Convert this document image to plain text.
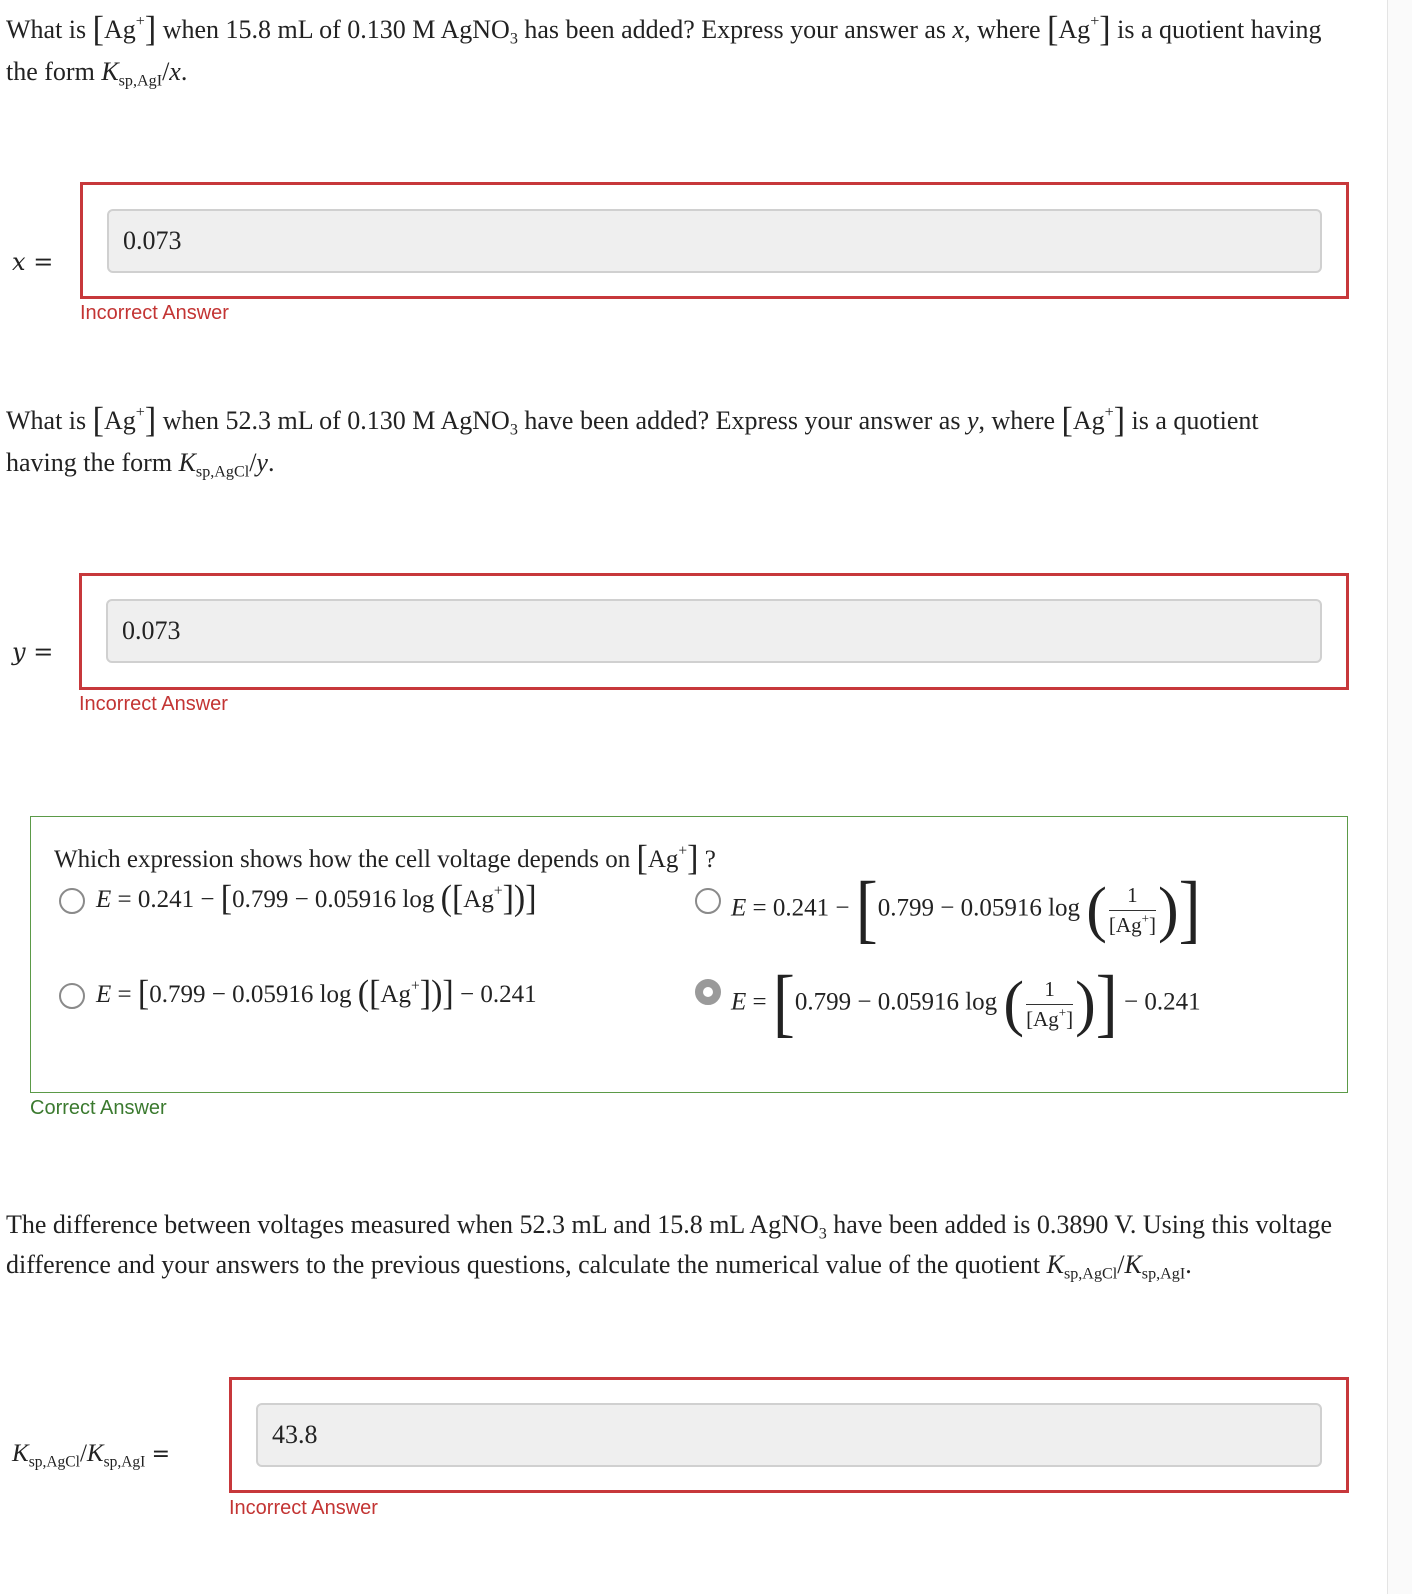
What is [Ag+] when 15.8 mL of 0.130 M AgNO$_3$ has been added? Express your answer as x, where [Ag+] is a quotient having
the form $K_{sp,AgI}/x$.
x =
0.073
Incorrect Answer
What is [Ag+] when 52.3 mL of 0.130 M AgNO$_3$ have been added? Express your answer as y, where [Ag+] is a quotient
having the form $K_{sp,AgCl}/y$.
y =
0.073
Incorrect Answer
Which expression shows how the cell voltage depends on [Ag+] ?
E = 0.241 − [0.799 − 0.05916 log ([Ag+])]	E = 0.241 − [0.799 − 0.05916 log ( $\frac{1}{[Ag^+]}$ )]
E = [0.799 − 0.05916 log ([Ag+])] − 0.241	E = [0.799 − 0.05916 log ( $\frac{1}{[Ag^+]}$ )] − 0.241
Correct Answer
The difference between voltages measured when 52.3 mL and 15.8 mL AgNO$_3$ have been added is 0.3890 V. Using this voltage
difference and your answers to the previous questions, calculate the numerical value of the quotient $K_{sp,AgCl}/K_{sp,AgI}$.
$K_{sp,AgCl}/K_{sp,AgI}$ =
43.8
Incorrect Answer
